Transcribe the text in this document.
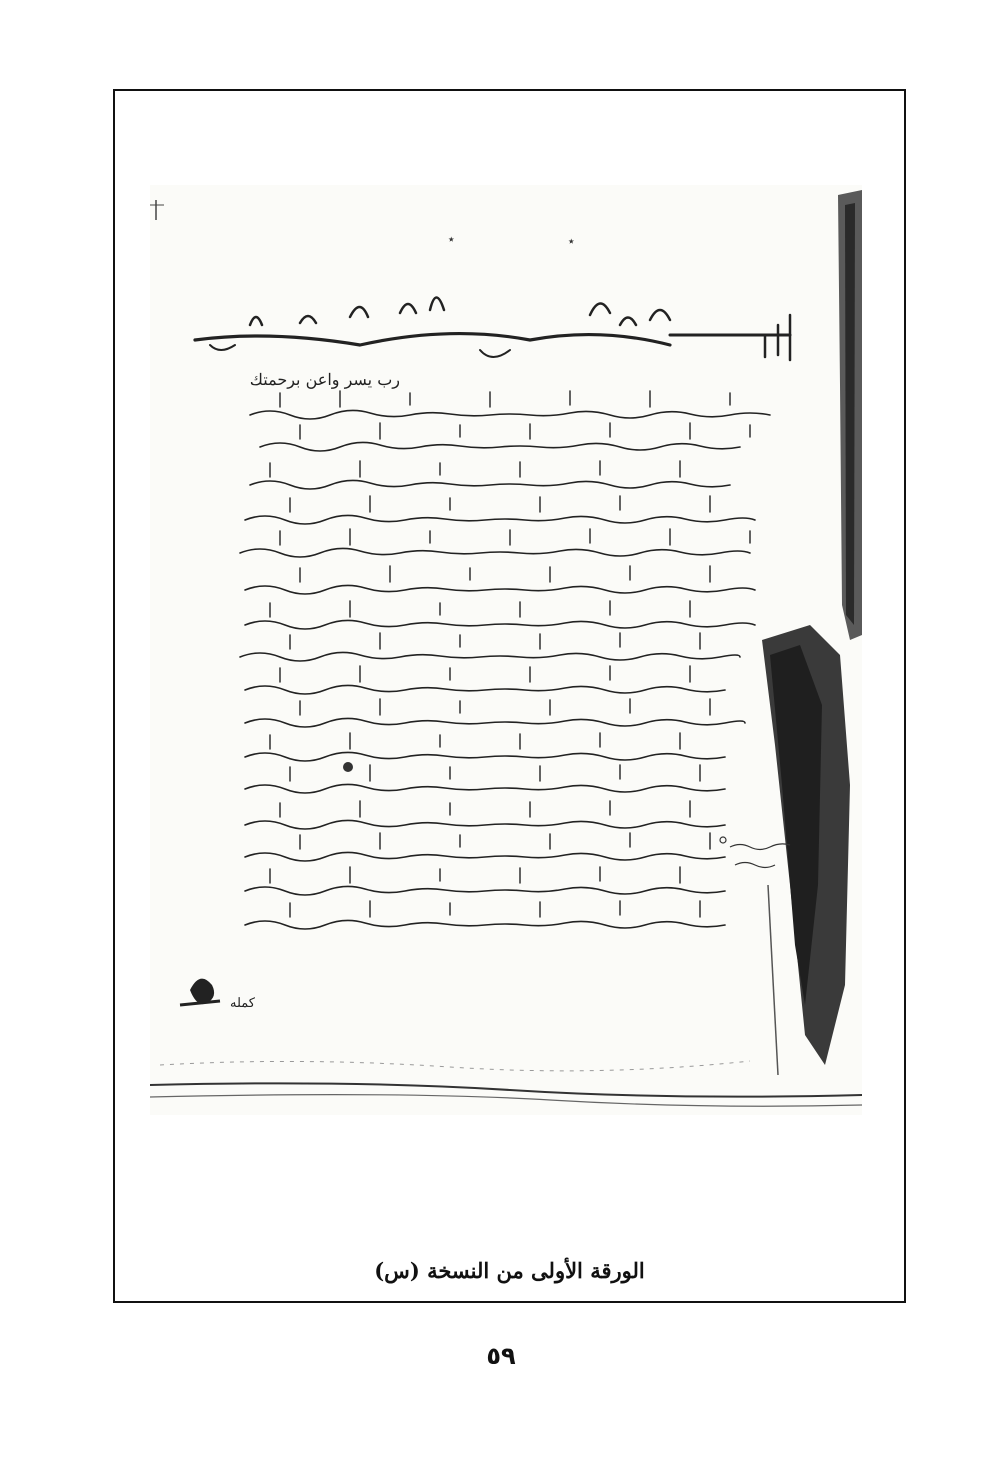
٭	٭
رب يسر واعن برحمتك
كمله
الورقة الأولى من النسخة (س)
٥٩
